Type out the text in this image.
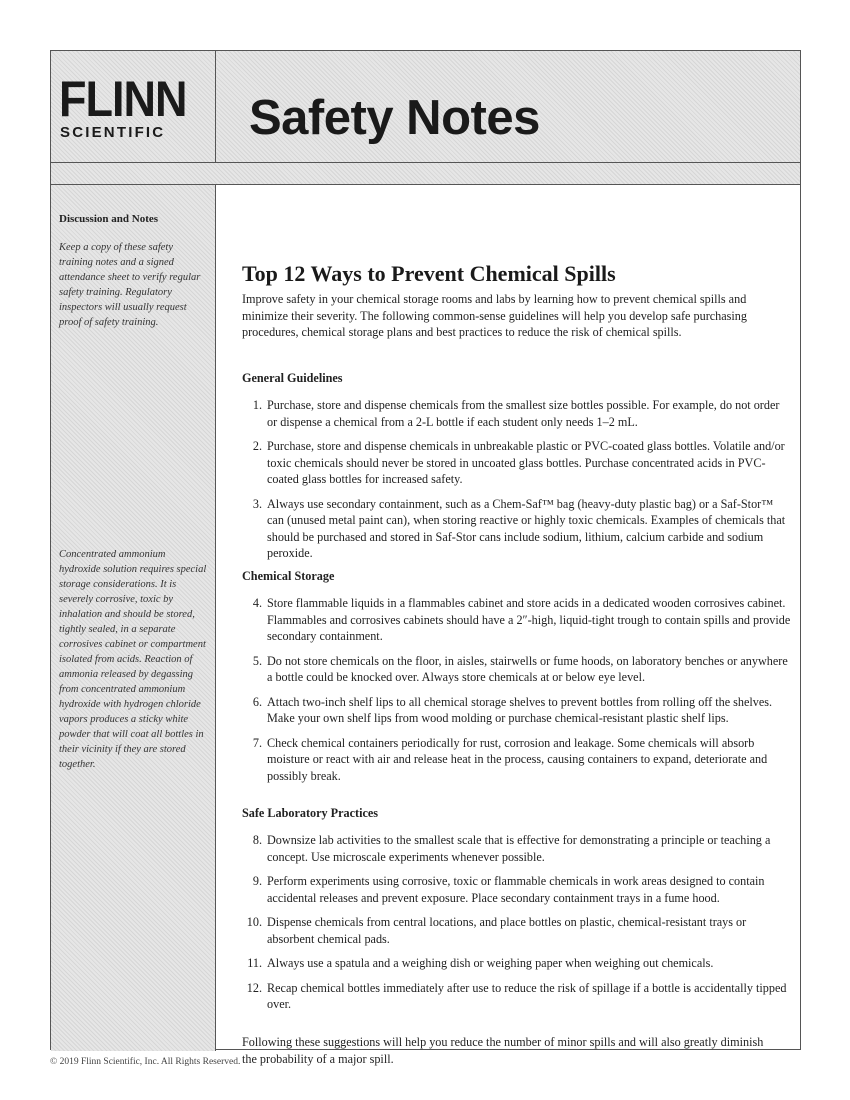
FLINN

SCIENTIFIC Safety Notes
Discussion and Notes

Keep a copy of these safety training notes and a signed attendance sheet to verify regular safety training. Regulatory inspectors will usually request proof of safety training.

Concentrated ammonium hydroxide solution requires special storage considerations. It is severely corrosive, toxic by inhalation and should be stored, tightly sealed, in a separate corrosives cabinet or compartment isolated from acids. Reaction of ammonia released by degassing from concentrated ammonium hydroxide with hydrogen chloride vapors produces a sticky white powder that will coat all bottles in their vicinity if they are stored together.

Top 12 Ways to Prevent Chemical Spills

Improve safety in your chemical storage rooms and labs by learning how to prevent chemical spills and minimize their severity. The following common-sense guidelines will help you develop safe purchasing procedures, chemical storage plans and best practices to reduce the risk of chemical spills.

General Guidelines
1. Purchase, store and dispense chemicals from the smallest size bottles possible. For example, do not order or dispense a chemical from a 2-L bottle if each student only needs 1–2 mL.
2. Purchase, store and dispense chemicals in unbreakable plastic or PVC-coated glass bottles. Volatile and/or toxic chemicals should never be stored in uncoated glass bottles. Purchase concentrated acids in PVC-coated glass bottles for increased safety.
3. Always use secondary containment, such as a Chem-Saf™ bag (heavy-duty plastic bag) or a Saf-Stor™ can (unused metal paint can), when storing reactive or highly toxic chemicals. Examples of chemicals that should be purchased and stored in Saf-Stor cans include sodium, lithium, calcium carbide and sodium peroxide.
Chemical Storage
4. Store flammable liquids in a flammables cabinet and store acids in a dedicated wooden corrosives cabinet. Flammables and corrosives cabinets should have a 2″-high, liquid-tight trough to contain spills and provide secondary containment.
5. Do not store chemicals on the floor, in aisles, stairwells or fume hoods, on laboratory benches or anywhere a bottle could be knocked over. Always store chemicals at or below eye level.
6. Attach two-inch shelf lips to all chemical storage shelves to prevent bottles from rolling off the shelves. Make your own shelf lips from wood molding or purchase chemical-resistant plastic shelf lips.
7. Check chemical containers periodically for rust, corrosion and leakage. Some chemicals will absorb moisture or react with air and release heat in the process, causing containers to expand, deteriorate and possibly break.
Safe Laboratory Practices
8. Downsize lab activities to the smallest scale that is effective for demonstrating a principle or teaching a concept. Use microscale experiments whenever possible.
9. Perform experiments using corrosive, toxic or flammable chemicals in work areas designed to contain accidental releases and prevent exposure. Place secondary containment trays in a fume hood.
10. Dispense chemicals from central locations, and place bottles on plastic, chemical-resistant trays or absorbent chemical pads.
11. Always use a spatula and a weighing dish or weighing paper when weighing out chemicals.
12. Recap chemical bottles immediately after use to reduce the risk of spillage if a bottle is accidentally tipped over.

Following these suggestions will help you reduce the number of minor spills and will also greatly diminish the probability of a major spill.

© 2019 Flinn Scientific, Inc. All Rights Reserved.
